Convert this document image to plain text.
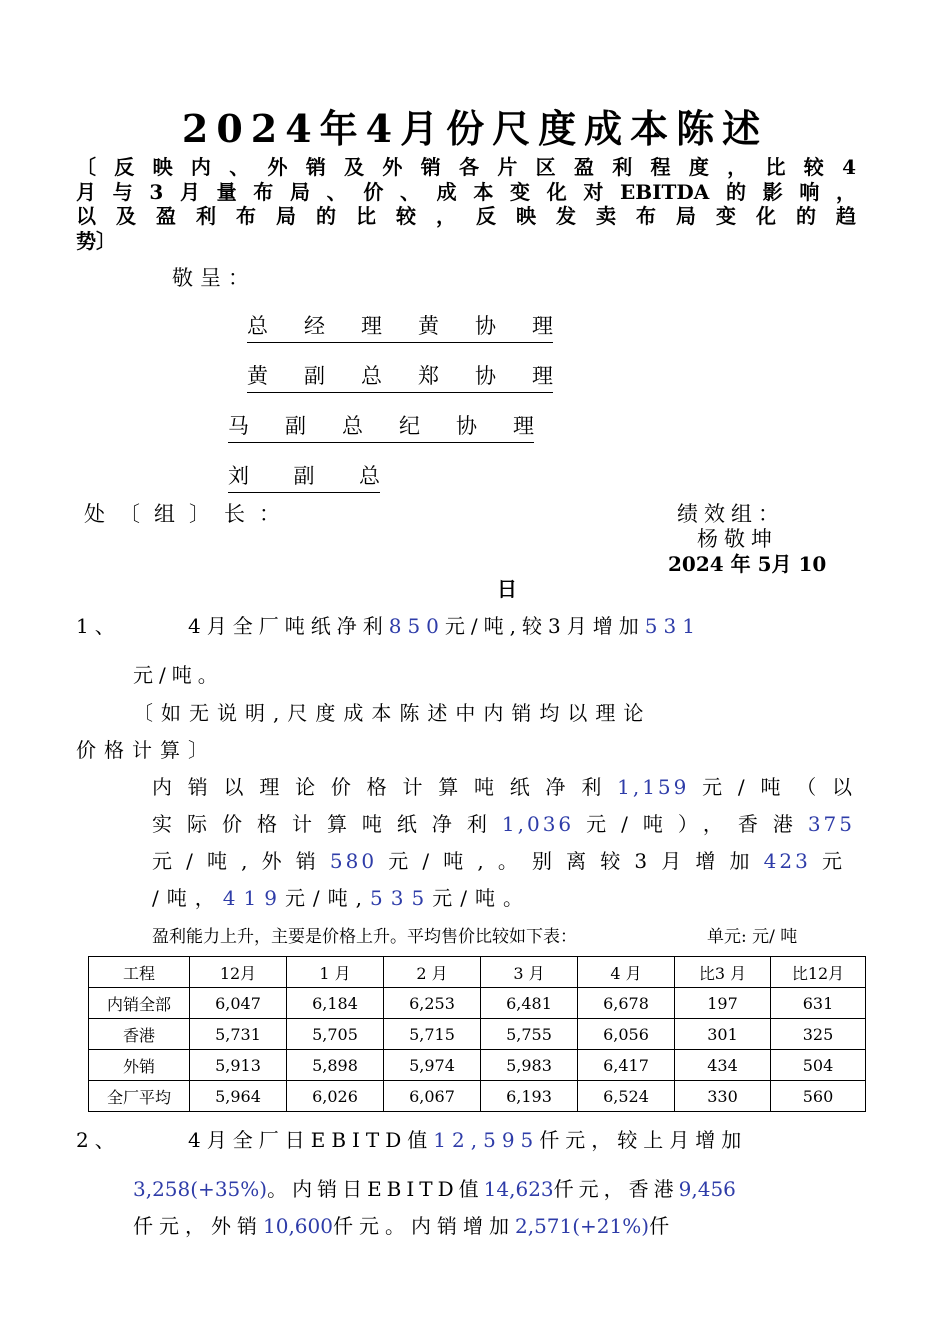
2024年4月份尺度成本陈述
〔反映内、外销及外销各片区盈利程度，比较4
月与3月量布局、价、成本变化对EBITDA的影响，
以及盈利布局的比较，反映发卖布局变化的趋
势〕
敬呈：
总经理黄协理
黄副总郑协理
马副总纪协理
刘副总
处〔组〕长：	绩效组：
杨敬坤
2024 年 5月 10
日
1、	4月全厂吨纸净利850元/吨,较3月增加531
元/吨。
〔如无说明,尺度成本陈述中内销均以理论
价格计算〕
内销以理论价格计算吨纸净利1,159元/吨（以
实际价格计算吨纸净利1,036元/吨），香港375
元/吨,外销580元/吨,。别离较3月增加423元
/吨，419元/吨,535元/吨。
盈利能力上升，主要是价格上升。平均售价比较如下表：	单元: 元/ 吨
工程	12月	1 月	2 月	3 月	4 月	比3 月	比12月
内销全部	6,047	6,184	6,253	6,481	6,678	197	631
香港	5,731	5,705	5,715	5,755	6,056	301	325
外销	5,913	5,898	5,974	5,983	6,417	434	504
全厂平均	5,964	6,026	6,067	6,193	6,524	330	560
2、	4月全厂日EBITD值12,595仟元，较上月增加
3,258(+35%)。内销日EBITD值14,623仟元，香港9,456
仟元，外销10,600仟元。内销增加2,571(+21%)仟
